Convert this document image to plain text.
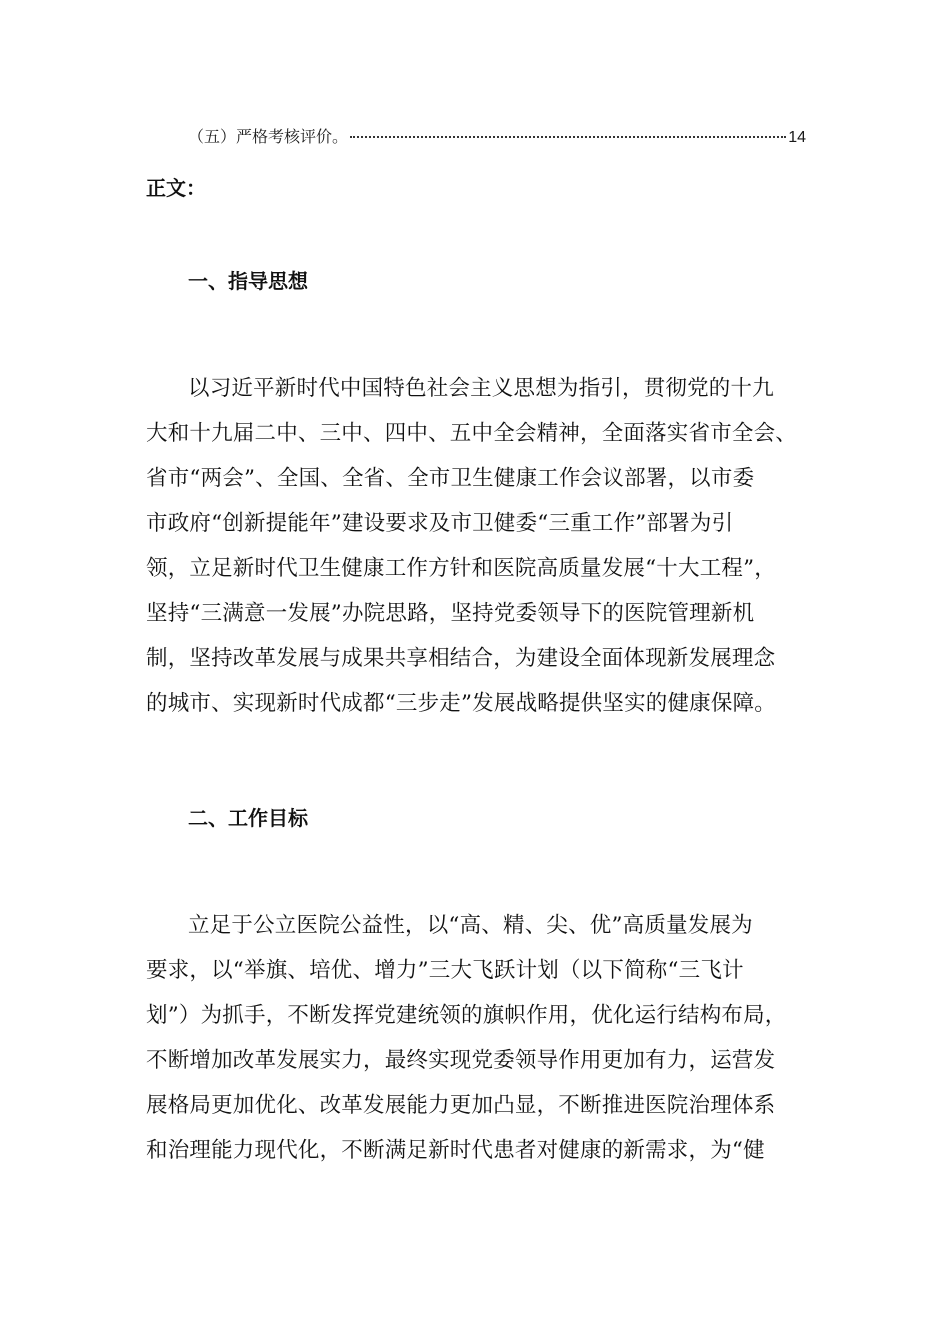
（五）严格考核评价。	14
正文：
一、指导思想
以习近平新时代中国特色社会主义思想为指引，贯彻党的十九
大和十九届二中、三中、四中、五中全会精神，全面落实省市全会、
省市“两会”、全国、全省、全市卫生健康工作会议部署，以市委
市政府“创新提能年”建设要求及市卫健委“三重工作”部署为引
领，立足新时代卫生健康工作方针和医院高质量发展“十大工程”，
坚持“三满意一发展”办院思路，坚持党委领导下的医院管理新机
制，坚持改革发展与成果共享相结合，为建设全面体现新发展理念
的城市、实现新时代成都“三步走”发展战略提供坚实的健康保障。
二、工作目标
立足于公立医院公益性，以“高、精、尖、优”高质量发展为
要求，以“举旗、培优、增力”三大飞跃计划（以下简称“三飞计
划”）为抓手，不断发挥党建统领的旗帜作用，优化运行结构布局，
不断增加改革发展实力，最终实现党委领导作用更加有力，运营发
展格局更加优化、改革发展能力更加凸显，不断推进医院治理体系
和治理能力现代化，不断满足新时代患者对健康的新需求，为“健
